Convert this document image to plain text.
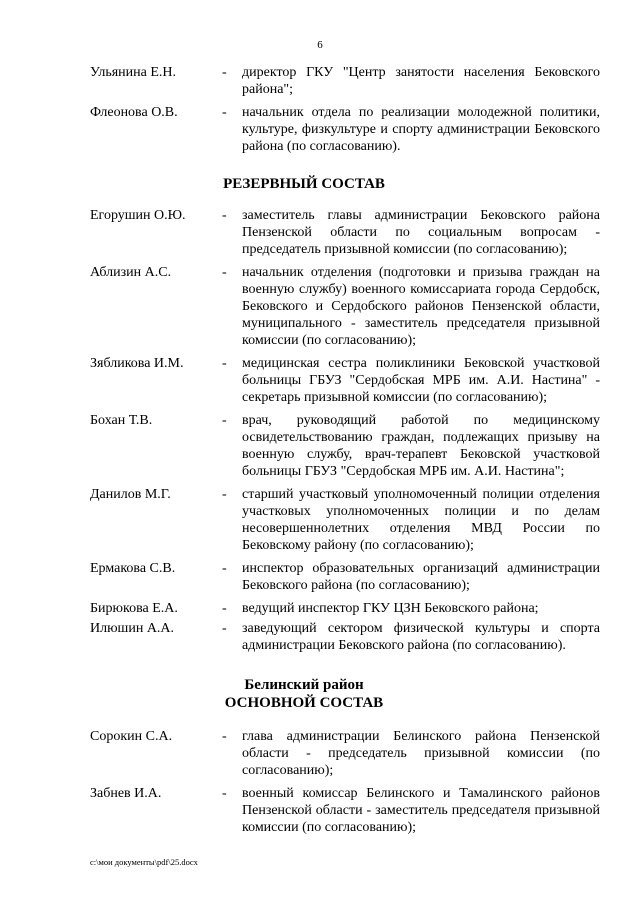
6
Ульянина Е.Н.	- директор ГКУ "Центр занятости населения Бековского района";
Флеонова О.В.	- начальник отдела по реализации молодежной политики, культуре, физкультуре и спорту администрации Бековского района (по согласованию).
РЕЗЕРВНЫЙ СОСТАВ
Егорушин О.Ю.	- заместитель главы администрации Бековского района Пензенской области по социальным вопросам - председатель призывной комиссии (по согласованию);
Аблизин А.С.	- начальник отделения (подготовки и призыва граждан на военную службу) военного комиссариата города Сердобск, Бековского и Сердобского районов Пензенской области, муниципального - заместитель председателя призывной комиссии (по согласованию);
Зябликова И.М.	- медицинская сестра поликлиники Бековской участковой больницы ГБУЗ "Сердобская МРБ им. А.И. Настина" - секретарь призывной комиссии (по согласованию);
Бохан Т.В.	- врач, руководящий работой по медицинскому освидетельствованию граждан, подлежащих призыву на военную службу, врач-терапевт Бековской участковой больницы ГБУЗ "Сердобская МРБ им. А.И. Настина";
Данилов М.Г.	- старший участковый уполномоченный полиции отделения участковых уполномоченных полиции и по делам несовершеннолетних отделения МВД России по Бековскому району (по согласованию);
Ермакова С.В.	- инспектор образовательных организаций администрации Бековского района (по согласованию);
Бирюкова Е.А.	- ведущий инспектор ГКУ ЦЗН Бековского района;
Илюшин А.А.	- заведующий сектором физической культуры и спорта администрации Бековского района (по согласованию).
Белинский район
ОСНОВНОЙ СОСТАВ
Сорокин С.А.	- глава администрации Белинского района Пензенской области - председатель призывной комиссии (по согласованию);
Забнев И.А.	- военный комиссар Белинского и Тамалинского районов Пензенской области - заместитель председателя призывной комиссии (по согласованию);
c:\мои документы\pdf\25.docx
